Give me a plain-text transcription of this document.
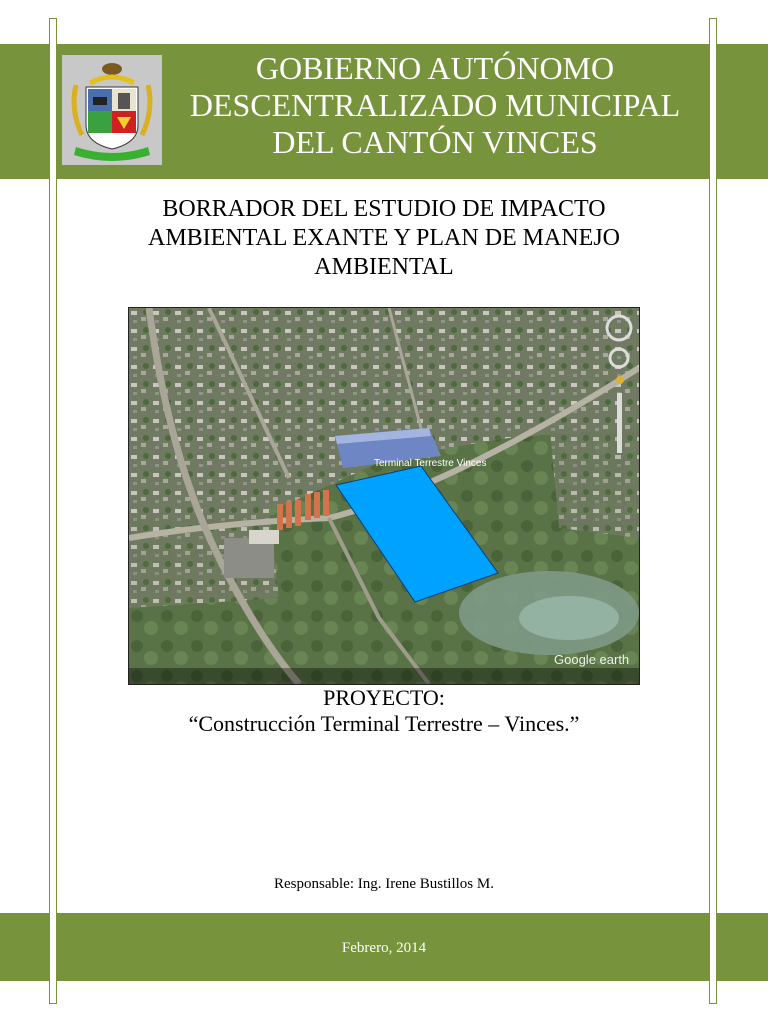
GOBIERNO AUTÓNOMO
DESCENTRALIZADO MUNICIPAL
DEL CANTÓN VINCES
BORRADOR DEL ESTUDIO DE IMPACTO
AMBIENTAL EXANTE Y PLAN DE MANEJO
AMBIENTAL
Terminal Terrestre Vinces
Google earth
PROYECTO:
“Construcción Terminal Terrestre – Vinces.”
Responsable: Ing. Irene Bustillos M.
Febrero, 2014
